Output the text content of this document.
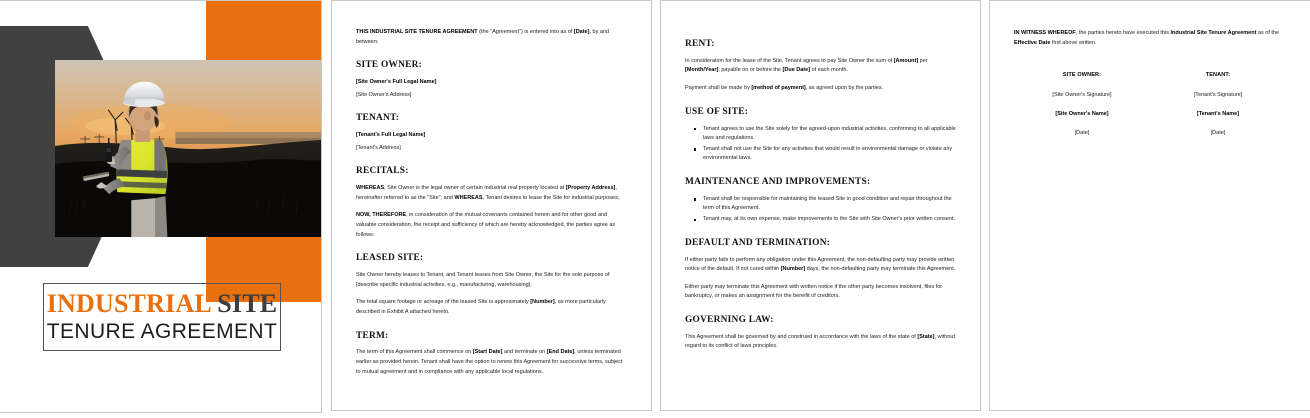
INDUSTRIAL SITE
TENURE AGREEMENT

THIS INDUSTRIAL SITE TENURE AGREEMENT (the "Agreement") is entered into as of [Date], by and between:

SITE OWNER:

[Site Owner's Full Legal Name]

[Site Owner's Address]

TENANT:

[Tenant's Full Legal Name]

[Tenant's Address]

RECITALS:

WHEREAS, Site Owner is the legal owner of certain industrial real property located at [Property Address], hereinafter referred to as the "Site"; and WHEREAS, Tenant desires to lease the Site for industrial purposes;

NOW, THEREFORE, in consideration of the mutual covenants contained herein and for other good and valuable consideration, the receipt and sufficiency of which are hereby acknowledged, the parties agree as follows:

LEASED SITE:

Site Owner hereby leases to Tenant, and Tenant leases from Site Owner, the Site for the sole purpose of [describe specific industrial activities, e.g., manufacturing, warehousing].

The total square footage or acreage of the leased Site is approximately [Number], as more particularly described in Exhibit A attached hereto.

TERM:

The term of this Agreement shall commence on [Start Date] and terminate on [End Date], unless terminated earlier as provided herein. Tenant shall have the option to renew this Agreement for successive terms, subject to mutual agreement and in compliance with any applicable local regulations.

RENT:

In consideration for the lease of the Site, Tenant agrees to pay Site Owner the sum of [Amount] per [Month/Year], payable on or before the [Due Date] of each month.

Payment shall be made by [method of payment], as agreed upon by the parties.

USE OF SITE:
Tenant agrees to use the Site solely for the agreed-upon industrial activities, conforming to all applicable laws and regulations.
Tenant shall not use the Site for any activities that would result in environmental damage or violate any environmental laws.
MAINTENANCE AND IMPROVEMENTS:
Tenant shall be responsible for maintaining the leased Site in good condition and repair throughout the term of this Agreement.
Tenant may, at its own expense, make improvements to the Site with Site Owner's prior written consent.
DEFAULT AND TERMINATION:

If either party fails to perform any obligation under this Agreement, the non-defaulting party may provide written notice of the default. If not cured within [Number] days, the non-defaulting party may terminate this Agreement.

Either party may terminate this Agreement with written notice if the other party becomes insolvent, files for bankruptcy, or makes an assignment for the benefit of creditors.

GOVERNING LAW:

This Agreement shall be governed by and construed in accordance with the laws of the state of [State], without regard to its conflict of laws principles.

IN WITNESS WHEREOF, the parties hereto have executed this Industrial Site Tenure Agreement as of the Effective Date first above written.

SITE OWNER:
[Site Owner's Signature]
[Site Owner's Name]
[Date]
TENANT:
[Tenant's Signature]
[Tenant's Name]
[Date]
